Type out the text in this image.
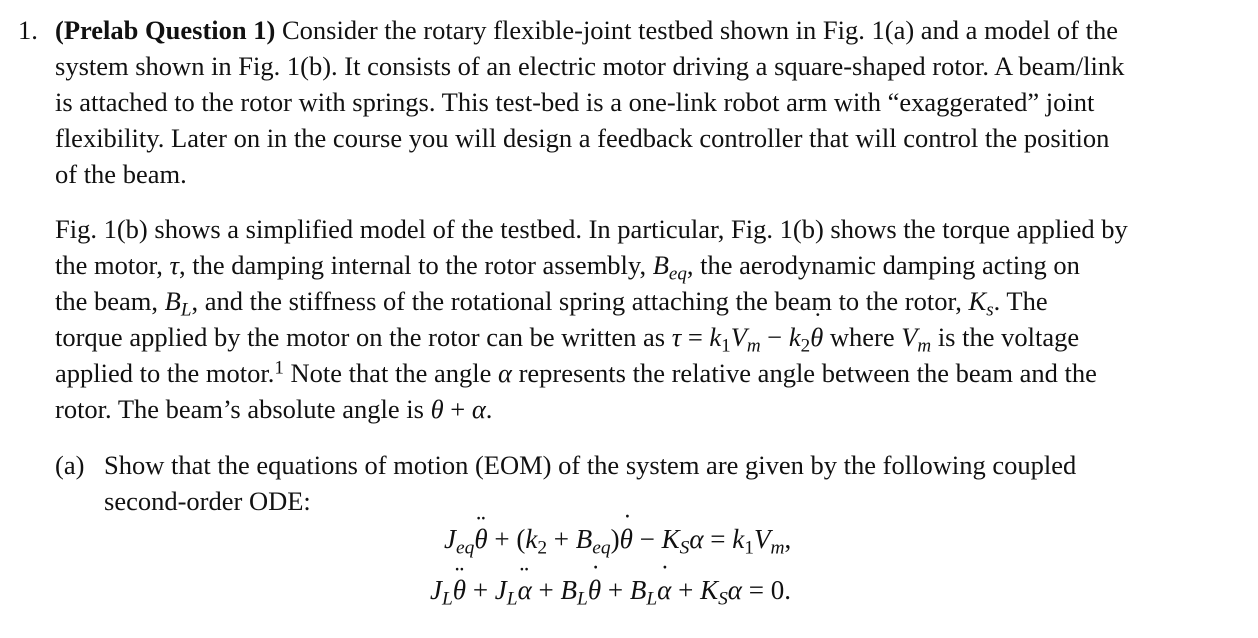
1. (Prelab Question 1) Consider the rotary flexible-joint testbed shown in Fig. 1(a) and a model of the
system shown in Fig. 1(b). It consists of an electric motor driving a square-shaped rotor. A beam/link
is attached to the rotor with springs. This test-bed is a one-link robot arm with “exaggerated” joint
flexibility. Later on in the course you will design a feedback controller that will control the position
of the beam.
Fig. 1(b) shows a simplified model of the testbed. In particular, Fig. 1(b) shows the torque applied by
the motor, τ, the damping internal to the rotor assembly, $B_{eq}$, the aerodynamic damping acting on
the beam, $B_L$, and the stiffness of the rotational spring attaching the beam to the rotor, $K_s$. The
torque applied by the motor on the rotor can be written as $\tau = k_1V_m - k_2\theta$ ˙ where $V_m$ is the voltage
applied to the motor.$^1$ Note that the angle α represents the relative angle between the beam and the
rotor. The beam’s absolute angle is θ + α.
(a) Show that the equations of motion (EOM) of the system are given by the following coupled
second-order ODE:
$J_{eq}\theta$ ¨ + $(k_2 + B_{eq})\theta$ ˙ − $K_S\alpha = k_1V_m$,
$J_L\theta$ ¨ + $J_L\alpha$ ¨ + $B_L\theta$ ˙ + $B_L\alpha$ ˙ + $K_S\alpha = 0$.
